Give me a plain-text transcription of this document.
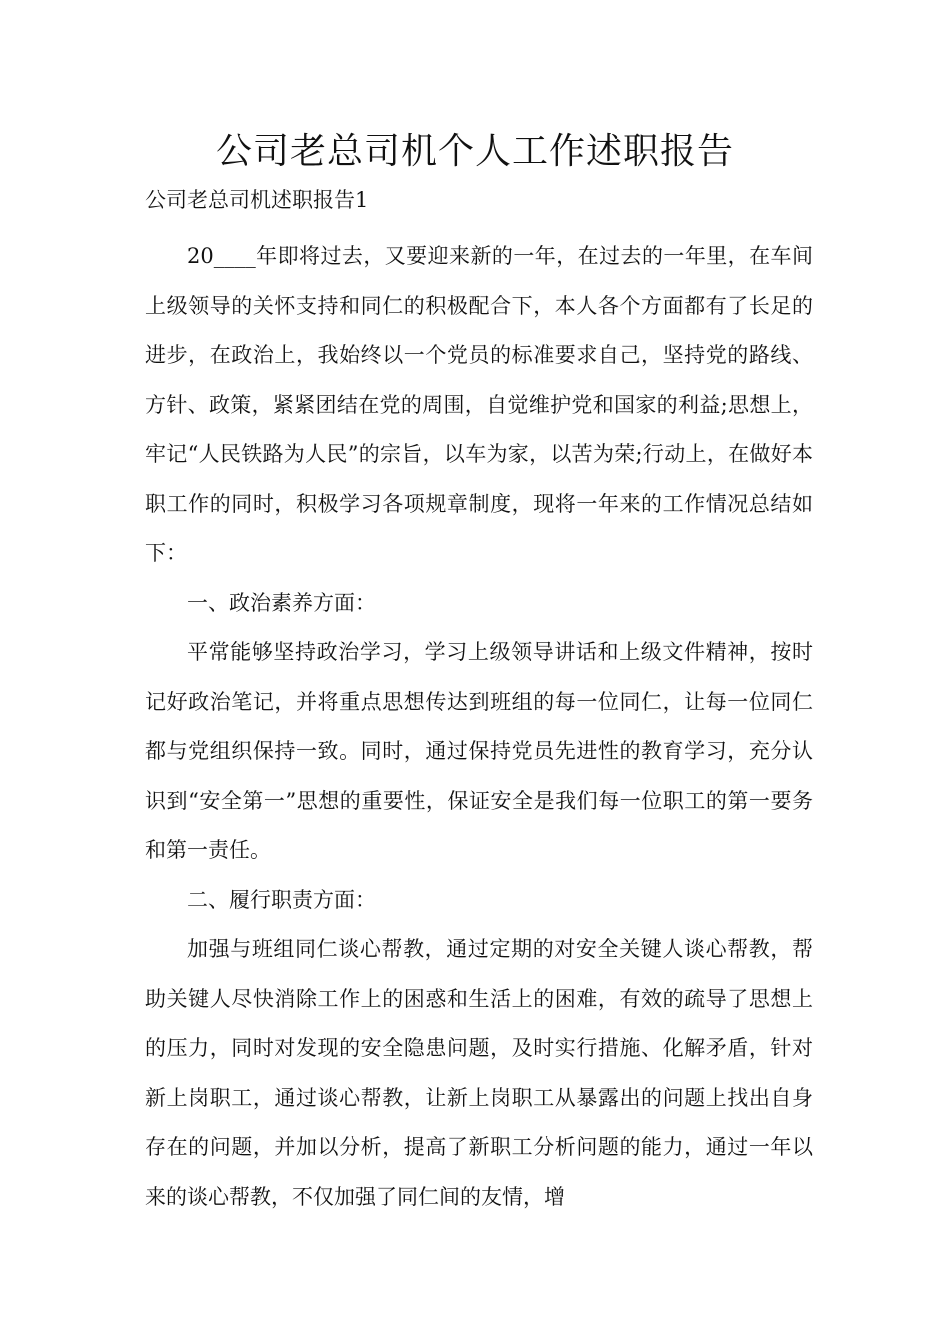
公司老总司机个人工作述职报告

公司老总司机述职报告1

20____年即将过去，又要迎来新的一年，在过去的一年里，在车间上级领导的关怀支持和同仁的积极配合下，本人各个方面都有了长足的进步，在政治上，我始终以一个党员的标准要求自己，坚持党的路线、方针、政策，紧紧团结在党的周围，自觉维护党和国家的利益;思想上，牢记“人民铁路为人民”的宗旨，以车为家，以苦为荣;行动上，在做好本职工作的同时，积极学习各项规章制度，现将一年来的工作情况总结如下：

一、政治素养方面：

平常能够坚持政治学习，学习上级领导讲话和上级文件精神，按时记好政治笔记，并将重点思想传达到班组的每一位同仁，让每一位同仁都与党组织保持一致。同时，通过保持党员先进性的教育学习，充分认识到“安全第一”思想的重要性，保证安全是我们每一位职工的第一要务和第一责任。

二、履行职责方面：

加强与班组同仁谈心帮教，通过定期的对安全关键人谈心帮教，帮助关键人尽快消除工作上的困惑和生活上的困难，有效的疏导了思想上的压力，同时对发现的安全隐患问题，及时实行措施、化解矛盾，针对新上岗职工，通过谈心帮教，让新上岗职工从暴露出的问题上找出自身存在的问题，并加以分析，提高了新职工分析问题的能力，通过一年以来的谈心帮教，不仅加强了同仁间的友情，增
